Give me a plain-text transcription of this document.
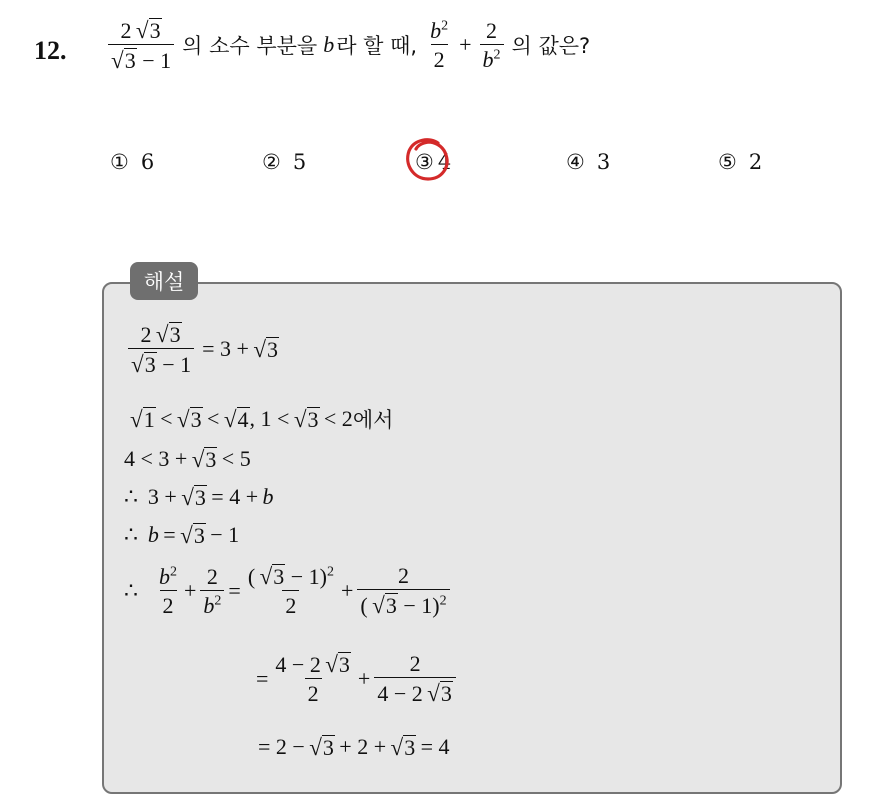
12. $\frac{2 √ 3}{√ 3 - 1}$ 의 소수 부분을 b 라 할 때, $\frac{b^2}{2} + \frac{2}{b^2}$ 의 값은?
① 6	② 5	③ 4	④ 3	⑤ 2
해설
$\frac{2 √ 3}{√ 3 - 1} = 3$ +  √ 3
√ 1  <  √ 3  <  √ 4 , 1 <  √ 3  < 2 에서
4 < 3 +  √ 3  < 5
∴  3 +  √ 3  = 4 + b
∴  b =  √ 3  − 1
∴ $\frac{b^2}{2} + \frac{2}{b^2} = \frac{( √ 3 - 1)^2}{2} + \frac{2}{( √ 3 - 1)^2}$
= $\frac{4 - 2 √ 3}{2} + \frac{2}{4 - 2 √ 3}$
= 2 −  √ 3  + 2 +  √ 3  = 4
